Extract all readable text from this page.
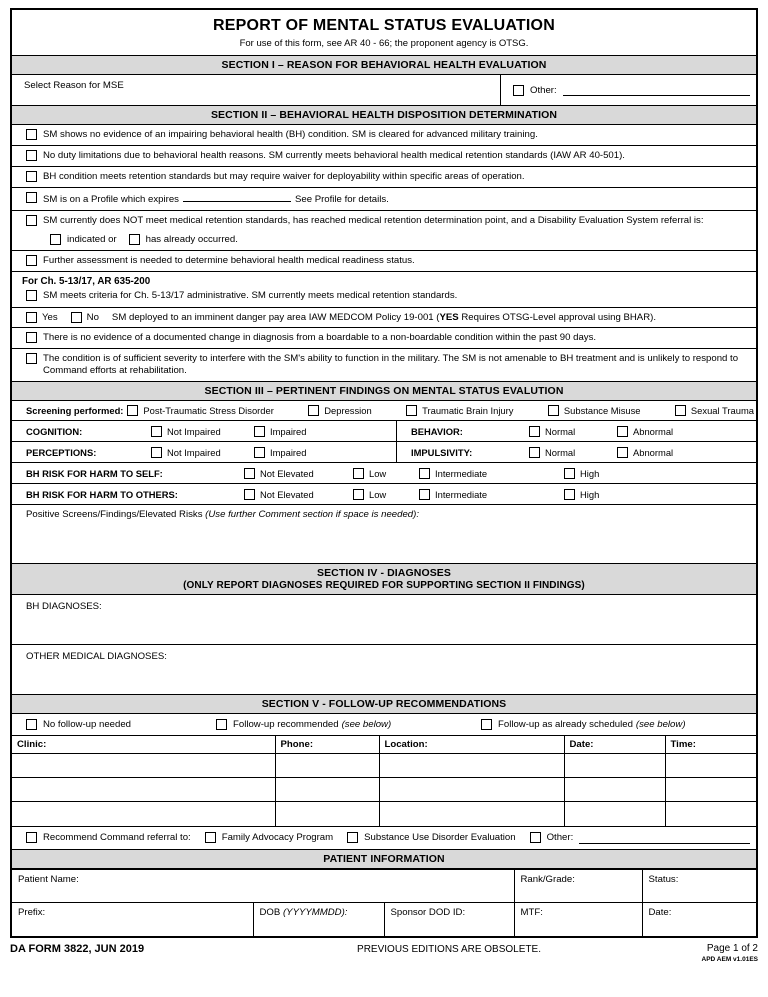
REPORT OF MENTAL STATUS EVALUATION
For use of this form, see AR 40 - 66; the proponent agency is OTSG.
SECTION I – REASON FOR BEHAVIORAL HEALTH EVALUATION
Select Reason for MSE	Other:
SECTION II – BEHAVIORAL HEALTH DISPOSITION DETERMINATION
SM shows no evidence of an impairing behavioral health (BH) condition. SM is cleared for advanced military training.
No duty limitations due to behavioral health reasons. SM currently meets behavioral health medical retention standards (IAW AR 40-501).
BH condition meets retention standards but may require waiver for deployability within specific areas of operation.
SM is on a Profile which expires	See Profile for details.
SM currently does NOT meet medical retention standards, has reached medical retention determination point, and a Disability Evaluation System referral is:
indicated or	has already occurred.
Further assessment is needed to determine behavioral health medical readiness status.
For Ch. 5-13/17, AR 635-200
SM meets criteria for Ch. 5-13/17 administrative. SM currently meets medical retention standards.
Yes	No SM deployed to an imminent danger pay area IAW MEDCOM Policy 19-001 (YES Requires OTSG-Level approval using BHAR).
There is no evidence of a documented change in diagnosis from a boardable to a non-boardable condition within the past 90 days.
The condition is of sufficient severity to interfere with the SM's ability to function in the military. The SM is not amenable to BH treatment and is unlikely to respond to Command efforts at rehabilitation.
SECTION III – PERTINENT FINDINGS ON MENTAL STATUS EVALUTION
Screening performed: Post-Traumatic Stress Disorder	Depression	Traumatic Brain Injury	Substance Misuse	Sexual Trauma
COGNITION:	Not Impaired	Impaired	BEHAVIOR:	Normal	Abnormal
PERCEPTIONS:	Not Impaired	Impaired	IMPULSIVITY:	Normal	Abnormal
BH RISK FOR HARM TO SELF:	Not Elevated	Low	Intermediate	High
BH RISK FOR HARM TO OTHERS:	Not Elevated	Low	Intermediate	High
Positive Screens/Findings/Elevated Risks (Use further Comment section if space is needed):
SECTION IV - DIAGNOSES
(ONLY REPORT DIAGNOSES REQUIRED FOR SUPPORTING SECTION II FINDINGS)
BH DIAGNOSES:
OTHER MEDICAL DIAGNOSES:
SECTION V - FOLLOW-UP RECOMMENDATIONS
No follow-up needed	Follow-up recommended (see below)	Follow-up as already scheduled (see below)
Clinic:	Phone:	Location:	Date:	Time:

Recommend Command referral to:	Family Advocacy Program	Substance Use Disorder Evaluation	Other:
PATIENT INFORMATION
Patient Name:	Rank/Grade:	Status:
Prefix:	DOB (YYYYMMDD):	Sponsor DOD ID:	MTF:	Date:
DA FORM 3822, JUN 2019	PREVIOUS EDITIONS ARE OBSOLETE.	Page 1 of 2
APD AEM v1.01ES
